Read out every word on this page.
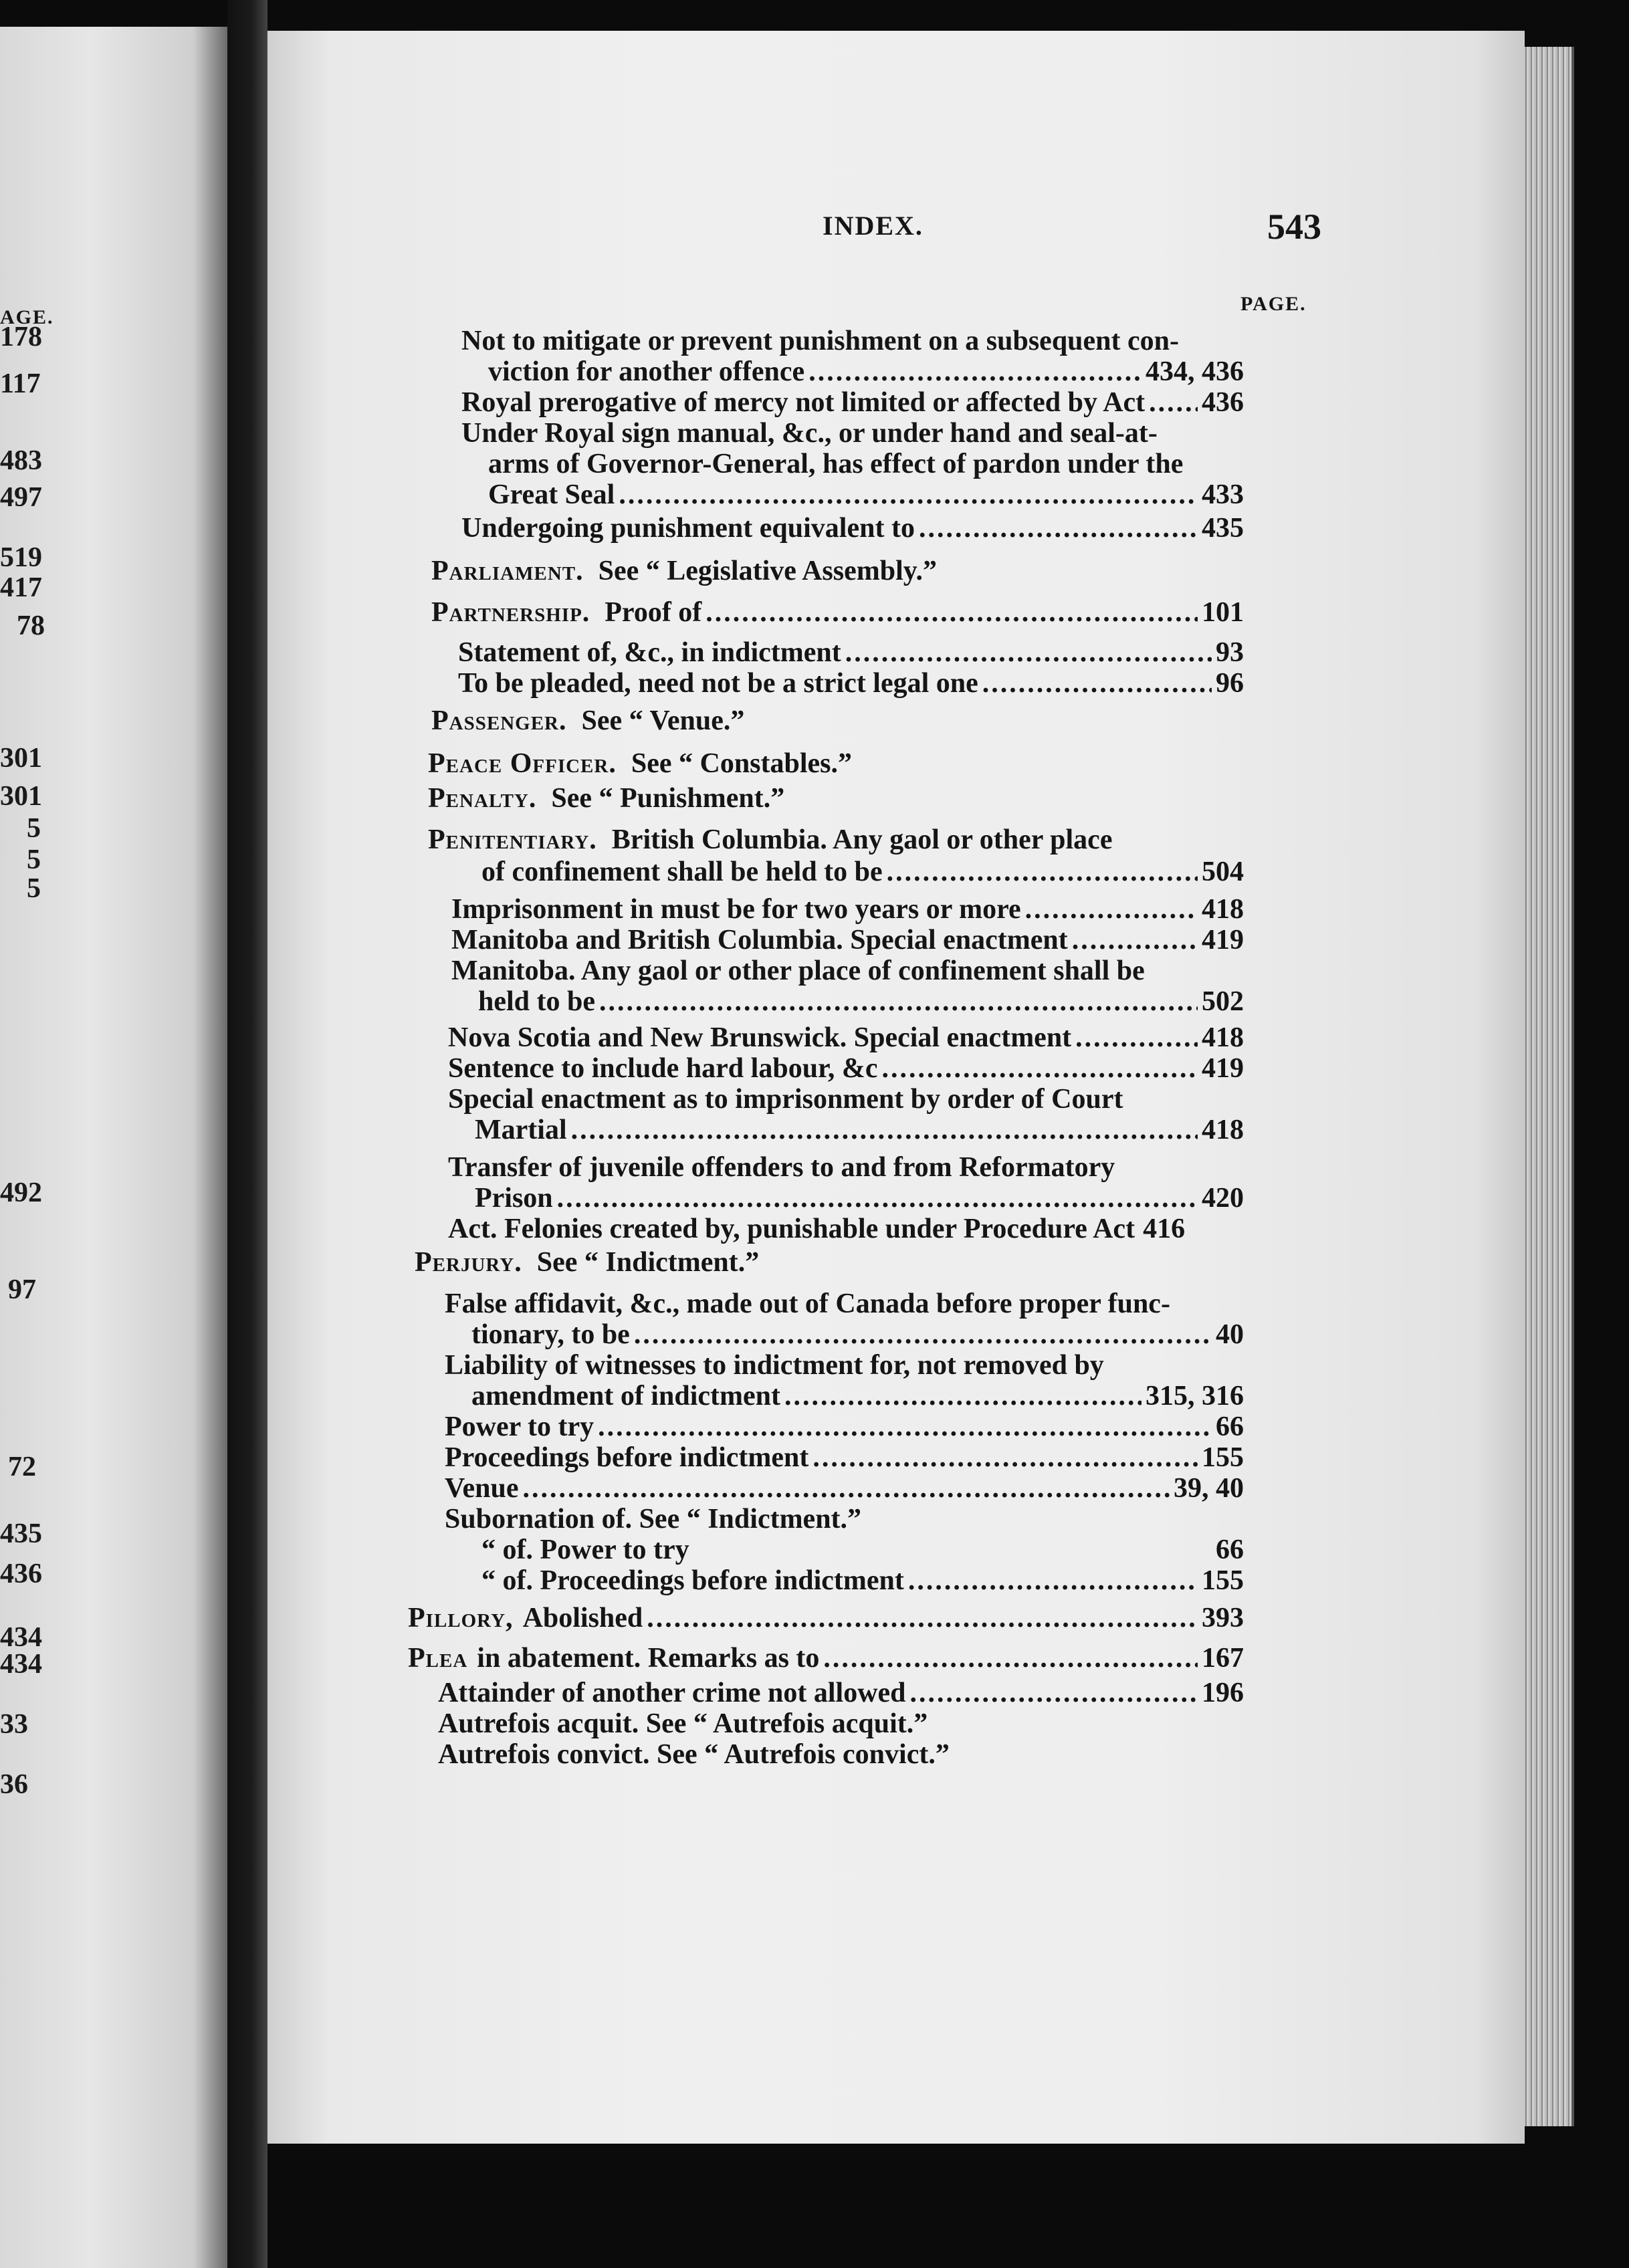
AGE.
178
117
483
497
519
417
78
301
301
5
5
5
492
97
72
435
436
434
434
33
36
INDEX.	543
PAGE.
Not to mitigate or prevent punishment on a subsequent con-
viction for another offence .....	434, 436
Royal prerogative of mercy not limited or affected by Act ..... 436
Under Royal sign manual, &c., or under hand and seal-at-
arms of Governor-General, has effect of pardon under the
Great Seal .....	433
Undergoing punishment equivalent to .....	435
Parliament. See “ Legislative Assembly.”
Partnership. Proof of .....	101
Statement of, &c., in indictment .....	93
To be pleaded, need not be a strict legal one .....	96
Passenger. See “ Venue.”
Peace Officer. See “ Constables.”
Penalty. See “ Punishment.”
Penitentiary. British Columbia. Any gaol or other place
of confinement shall be held to be .....	504
Imprisonment in must be for two years or more .....	418
Manitoba and British Columbia. Special enactment .....	419
Manitoba. Any gaol or other place of confinement shall be
held to be .....	502
Nova Scotia and New Brunswick. Special enactment .....	418
Sentence to include hard labour, &c .....	419
Special enactment as to imprisonment by order of Court
Martial .....	418
Transfer of juvenile offenders to and from Reformatory
Prison .....	420
Act. Felonies created by, punishable under Procedure Act 416
Perjury. See “ Indictment.”
False affidavit, &c., made out of Canada before proper func-
tionary, to be .....	40
Liability of witnesses to indictment for, not removed by
amendment of indictment .....	315, 316
Power to try .....	66
Proceedings before indictment .....	155
Venue .....	39, 40
Subornation of. See “ Indictment.”
“ of. Power to try	66
“ of. Proceedings before indictment .....	155
Pillory, Abolished .....	393
Plea in abatement. Remarks as to .....	167
Attainder of another crime not allowed .....	196
Autrefois acquit. See “ Autrefois acquit.”
Autrefois convict. See “ Autrefois convict.”
